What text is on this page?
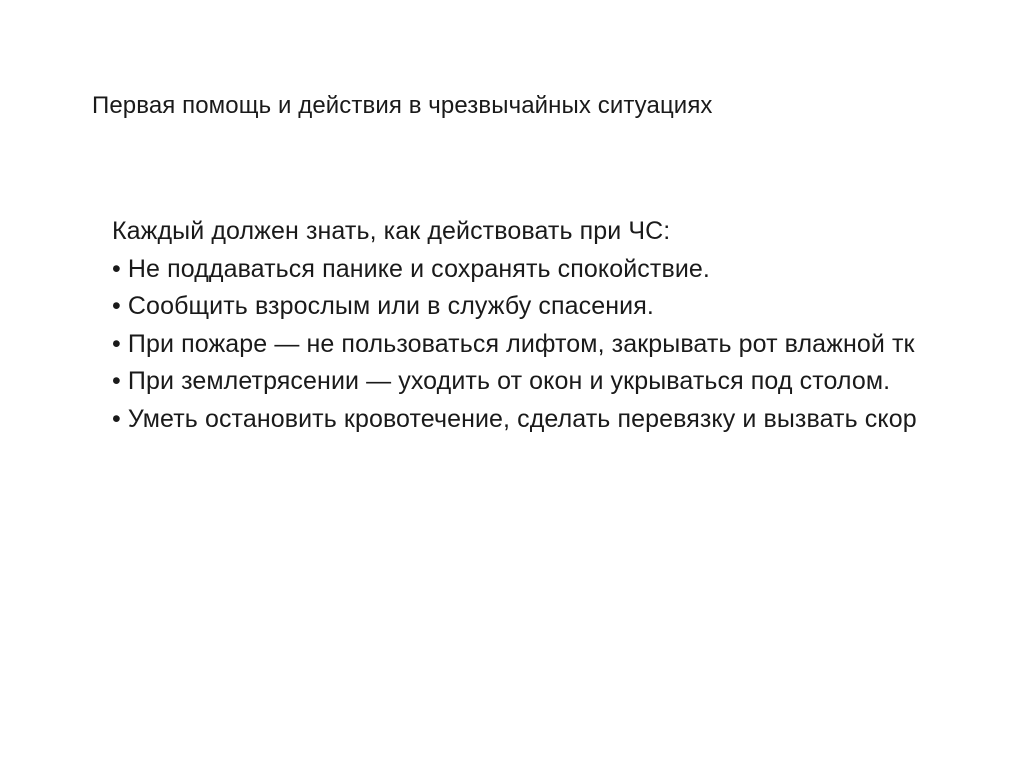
Первая помощь и действия в чрезвычайных ситуациях
Каждый должен знать, как действовать при ЧС:
• Не поддаваться панике и сохранять спокойствие.
• Сообщить взрослым или в службу спасения.
• При пожаре — не пользоваться лифтом, закрывать рот влажной тк
• При землетрясении — уходить от окон и укрываться под столом.
• Уметь остановить кровотечение, сделать перевязку и вызвать скор
